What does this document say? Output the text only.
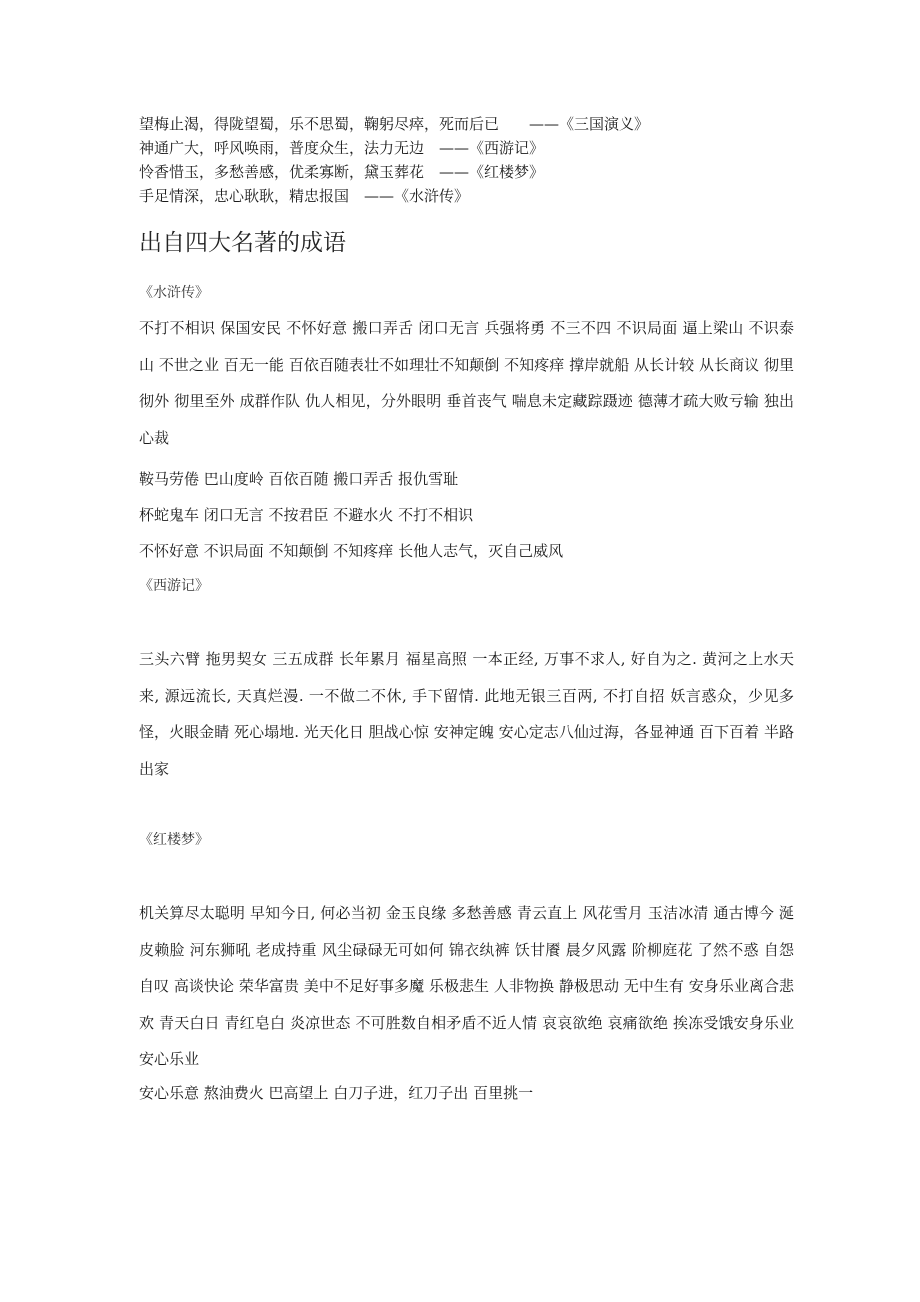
望梅止渴，得陇望蜀，乐不思蜀，鞠躬尽瘁，死而后已　　——《三国演义》
神通广大，呼风唤雨，普度众生，法力无边　——《西游记》
怜香惜玉，多愁善感，优柔寡断，黛玉葬花　——《红楼梦》
手足情深，忠心耿耿，精忠报国　——《水浒传》
出自四大名著的成语
《水浒传》
不打不相识 保国安民 不怀好意 搬口弄舌 闭口无言 兵强将勇 不三不四 不识局面 逼上梁山 不识泰山 不世之业 百无一能 百依百随表壮不如理壮不知颠倒 不知疼痒 撑岸就船 从长计较 从长商议 彻里彻外 彻里至外 成群作队 仇人相见，分外眼明 垂首丧气 喘息未定藏踪蹑迹 德薄才疏大败亏输 独出心裁
鞍马劳倦 巴山度岭 百依百随 搬口弄舌 报仇雪耻
杯蛇鬼车 闭口无言 不按君臣 不避水火 不打不相识
不怀好意 不识局面 不知颠倒 不知疼痒 长他人志气，灭自己威风
《西游记》
三头六臂 拖男契女 三五成群 长年累月 福星高照 一本正经, 万事不求人, 好自为之. 黄河之上水天来, 源远流长, 天真烂漫. 一不做二不休, 手下留情. 此地无银三百两, 不打自招 妖言惑众，少见多怪，火眼金睛 死心塌地. 光天化日 胆战心惊 安神定魄 安心定志八仙过海，各显神通 百下百着 半路出家
《红楼梦》
机关算尽太聪明 早知今日, 何必当初 金玉良缘 多愁善感 青云直上 风花雪月 玉洁冰清 通古博今 涎皮赖脸 河东狮吼 老成持重 风尘碌碌无可如何 锦衣纨裤 饫甘餍 晨夕风露 阶柳庭花 了然不惑 自怨自叹 高谈快论 荣华富贵 美中不足好事多魔 乐极悲生 人非物换 静极思动 无中生有 安身乐业离合悲欢 青天白日 青红皂白 炎凉世态 不可胜数自相矛盾不近人情 哀哀欲绝 哀痛欲绝 挨冻受饿安身乐业 安心乐业
安心乐意 熬油费火 巴高望上 白刀子进，红刀子出 百里挑一
